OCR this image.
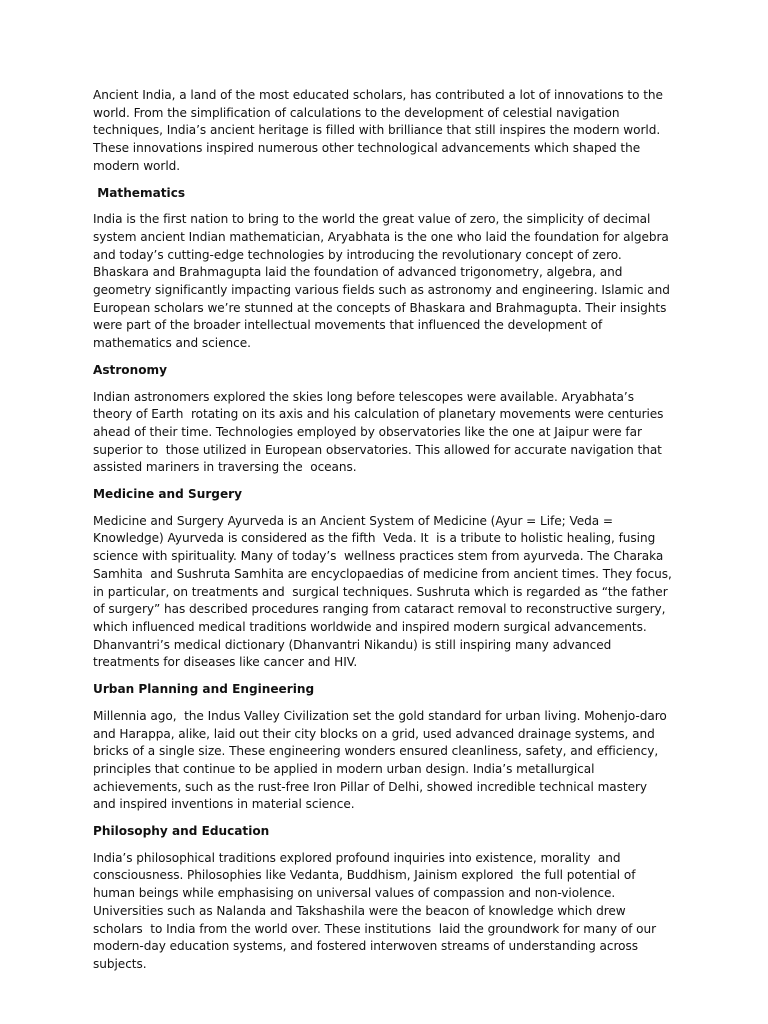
Ancient India, a land of the most educated scholars, has contributed a lot of innovations to the world. From the simplification of calculations to the development of celestial navigation techniques, India’s ancient heritage is filled with brilliance that still inspires the modern world. These innovations inspired numerous other technological advancements which shaped the modern world.

Mathematics

India is the first nation to bring to the world the great value of zero, the simplicity of decimal system ancient Indian mathematician, Aryabhata is the one who laid the foundation for algebra and today’s cutting-edge technologies by introducing the revolutionary concept of zero. Bhaskara and Brahmagupta laid the foundation of advanced trigonometry, algebra, and geometry significantly impacting various fields such as astronomy and engineering. Islamic and European scholars we’re stunned at the concepts of Bhaskara and Brahmagupta. Their insights were part of the broader intellectual movements that influenced the development of mathematics and science.

Astronomy

Indian astronomers explored the skies long before telescopes were available. Aryabhata’s theory of Earth  rotating on its axis and his calculation of planetary movements were centuries ahead of their time. Technologies employed by observatories like the one at Jaipur were far superior to  those utilized in European observatories. This allowed for accurate navigation that assisted mariners in traversing the  oceans.

Medicine and Surgery

Medicine and Surgery Ayurveda is an Ancient System of Medicine (Ayur = Life; Veda = Knowledge) Ayurveda is considered as the fifth  Veda. It  is a tribute to holistic healing, fusing science with spirituality. Many of today’s  wellness practices stem from ayurveda. The Charaka Samhita  and Sushruta Samhita are encyclopaedias of medicine from ancient times. They focus, in particular, on treatments and  surgical techniques. Sushruta which is regarded as “the father of surgery” has described procedures ranging from cataract removal to reconstructive surgery, which influenced medical traditions worldwide and inspired modern surgical advancements. Dhanvantri’s medical dictionary (Dhanvantri Nikandu) is still inspiring many advanced treatments for diseases like cancer and HIV.

Urban Planning and Engineering

Millennia ago,  the Indus Valley Civilization set the gold standard for urban living. Mohenjo-daro and Harappa, alike, laid out their city blocks on a grid, used advanced drainage systems, and bricks of a single size. These engineering wonders ensured cleanliness, safety, and efficiency, principles that continue to be applied in modern urban design. India’s metallurgical achievements, such as the rust-free Iron Pillar of Delhi, showed incredible technical mastery and inspired inventions in material science.

Philosophy and Education

India’s philosophical traditions explored profound inquiries into existence, morality  and consciousness. Philosophies like Vedanta, Buddhism, Jainism explored  the full potential of human beings while emphasising on universal values of compassion and non-violence. Universities such as Nalanda and Takshashila were the beacon of knowledge which drew scholars  to India from the world over. These institutions  laid the groundwork for many of our modern-day education systems, and fostered interwoven streams of understanding across subjects.
